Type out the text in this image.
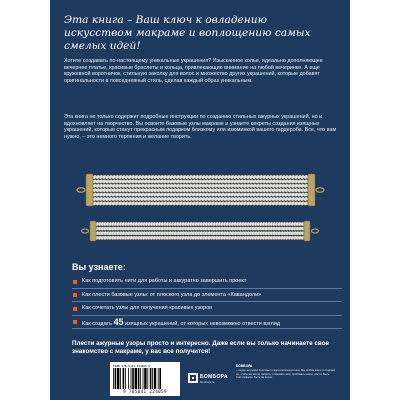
Эта книга – Ваш ключ к овладению искусством макраме и воплощению самых смелых идей!

Хотите создавать по-настоящему уникальные украшения? Изысканное колье, идеально дополняющее вечернее платье, красивые браслеты и кольца, привлекающие внимание на любой вечеринке. А еще кружевной воротничок, стильную заколку для волос и множество других украшений, которые добавят оригинальности в повседневный стиль, сделав каждый образ уникальным.

Эта книга не только содержит подробные инструкции по созданию стильных ажурных украшений, но и вдохновляет на творчество. Вы освоите базовые узлы макраме и узнаете секреты создания изящных украшений, которые станут прекрасным подарком близкому или изюминкой вашего гардероба. Все, что вам нужно, – это немного терпения и желание творить.

Вы узнаете:
Как подготовить нити для работы и аккуратно завершить проект
Как плести базовые узлы: от плоского узла до элемента «Кавандоли»
Как сочетать узлы для получения красивых узоров
Как создать 45 изящных украшений, от которых невозможно отвести взгляд

Плести ажурные узоры просто и интересно. Даже если вы только начинаете свое знакомство с макраме, у вас все получится!

ISBN 978-5-04-223405-9
9 785041 224059
БОМБОРА
bombora.ru
БОМБОРА

– лидер на рынке полезных и вдохновляющих книг. Мы любим книги и создаем их, чтобы вы могли творить, открывать мир, пробовать новое, расти. Быть счастливыми. Быть на волне.
